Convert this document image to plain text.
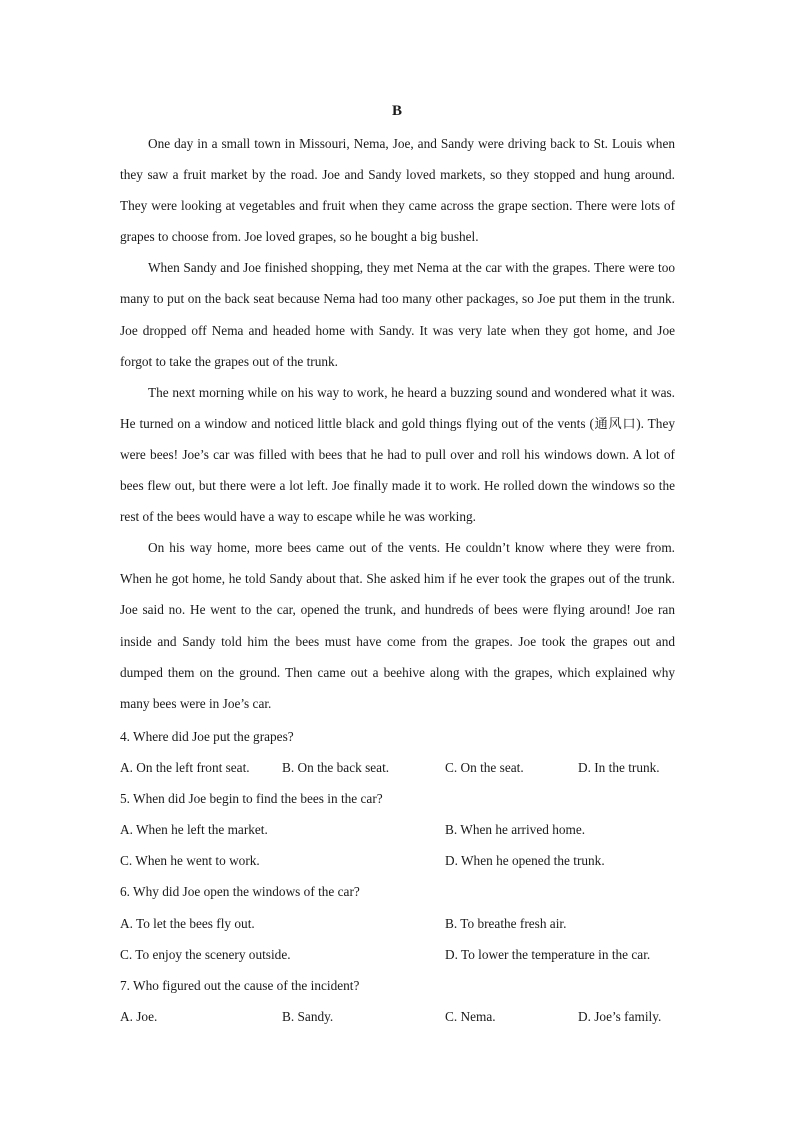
B

One day in a small town in Missouri, Nema, Joe, and Sandy were driving back to St. Louis when they saw a fruit market by the road. Joe and Sandy loved markets, so they stopped and hung around. They were looking at vegetables and fruit when they came across the grape section. There were lots of grapes to choose from. Joe loved grapes, so he bought a big bushel.

When Sandy and Joe finished shopping, they met Nema at the car with the grapes. There were too many to put on the back seat because Nema had too many other packages, so Joe put them in the trunk. Joe dropped off Nema and headed home with Sandy. It was very late when they got home, and Joe forgot to take the grapes out of the trunk.

The next morning while on his way to work, he heard a buzzing sound and wondered what it was. He turned on a window and noticed little black and gold things flying out of the vents (通风口). They were bees! Joe’s car was filled with bees that he had to pull over and roll his windows down. A lot of bees flew out, but there were a lot left. Joe finally made it to work. He rolled down the windows so the rest of the bees would have a way to escape while he was working.

On his way home, more bees came out of the vents. He couldn’t know where they were from. When he got home, he told Sandy about that. She asked him if he ever took the grapes out of the trunk. Joe said no. He went to the car, opened the trunk, and hundreds of bees were flying around! Joe ran inside and Sandy told him the bees must have come from the grapes. Joe took the grapes out and dumped them on the ground. Then came out a beehive along with the grapes, which explained why many bees were in Joe’s car.

4. Where did Joe put the grapes?
A. On the left front seat. B. On the back seat.	C. On the seat.	D. In the trunk.
5. When did Joe begin to find the bees in the car?
A. When he left the market.	B. When he arrived home.
C. When he went to work.	D. When he opened the trunk.
6. Why did Joe open the windows of the car?
A. To let the bees fly out.	B. To breathe fresh air.
C. To enjoy the scenery outside.	D. To lower the temperature in the car.
7. Who figured out the cause of the incident?
A. Joe.	B. Sandy.	C. Nema.	D. Joe’s family.
